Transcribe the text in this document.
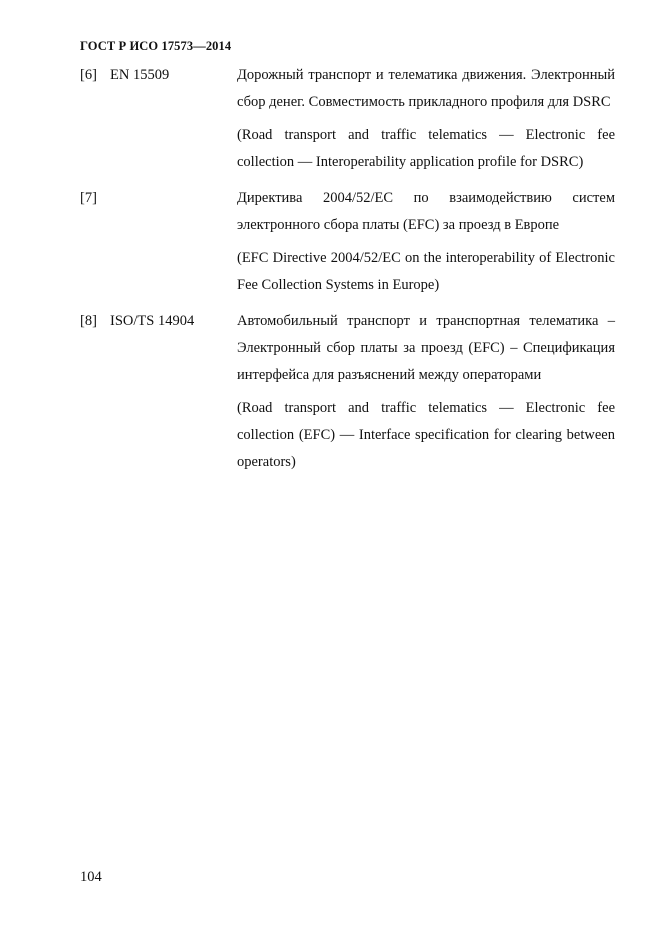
ГОСТ Р ИСО 17573—2014
[6] EN 15509	Дорожный транспорт и телематика движения. Электронный сбор денег. Совместимость прикладного профиля для DSRC

(Road transport and traffic telematics — Electronic fee collection — Interoperability application profile for DSRC)

[7]	Директива 2004/52/EC по взаимодействию систем электронного сбора платы (EFC) за проезд в Европе

(EFC Directive 2004/52/EC on the interoperability of Electronic Fee Collection Systems in Europe)

[8] ISO/TS 14904	Автомобильный транспорт и транспортная телематика – Электронный сбор платы за проезд (EFC) – Спецификация интерфейса для разъяснений между операторами

(Road transport and traffic telematics — Electronic fee collection (EFC) — Interface specification for clearing between operators)

104
